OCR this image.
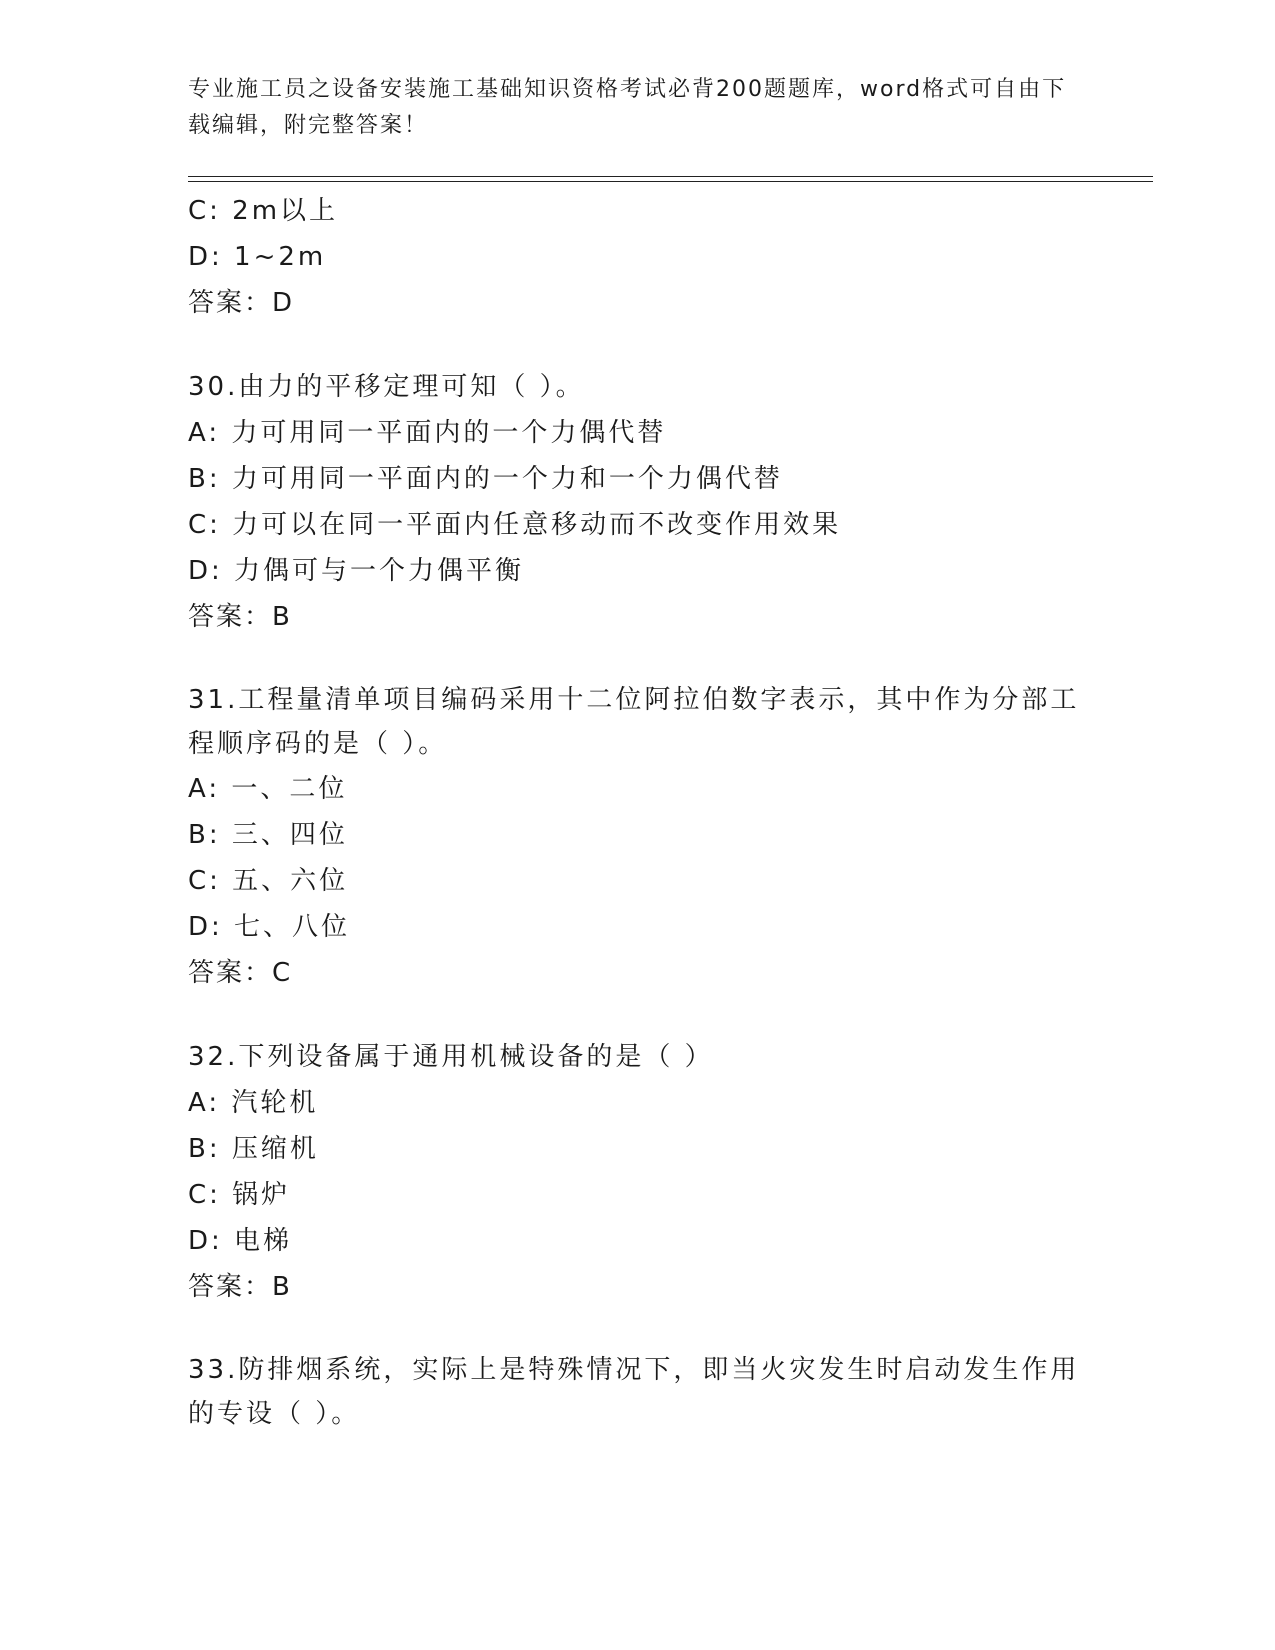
专业施工员之设备安装施工基础知识资格考试必背200题题库，word格式可自由下载编辑，附完整答案！
C: 2m以上
D: 1~2m
答案：D
30.由力的平移定理可知（ ）。
A: 力可用同一平面内的一个力偶代替
B: 力可用同一平面内的一个力和一个力偶代替
C: 力可以在同一平面内任意移动而不改变作用效果
D: 力偶可与一个力偶平衡
答案：B
31.工程量清单项目编码采用十二位阿拉伯数字表示，其中作为分部工程顺序码的是（ ）。
A: 一、二位
B: 三、四位
C: 五、六位
D: 七、八位
答案：C
32.下列设备属于通用机械设备的是（ ）
A: 汽轮机
B: 压缩机
C: 锅炉
D: 电梯
答案：B
33.防排烟系统，实际上是特殊情况下，即当火灾发生时启动发生作用的专设（ ）。
